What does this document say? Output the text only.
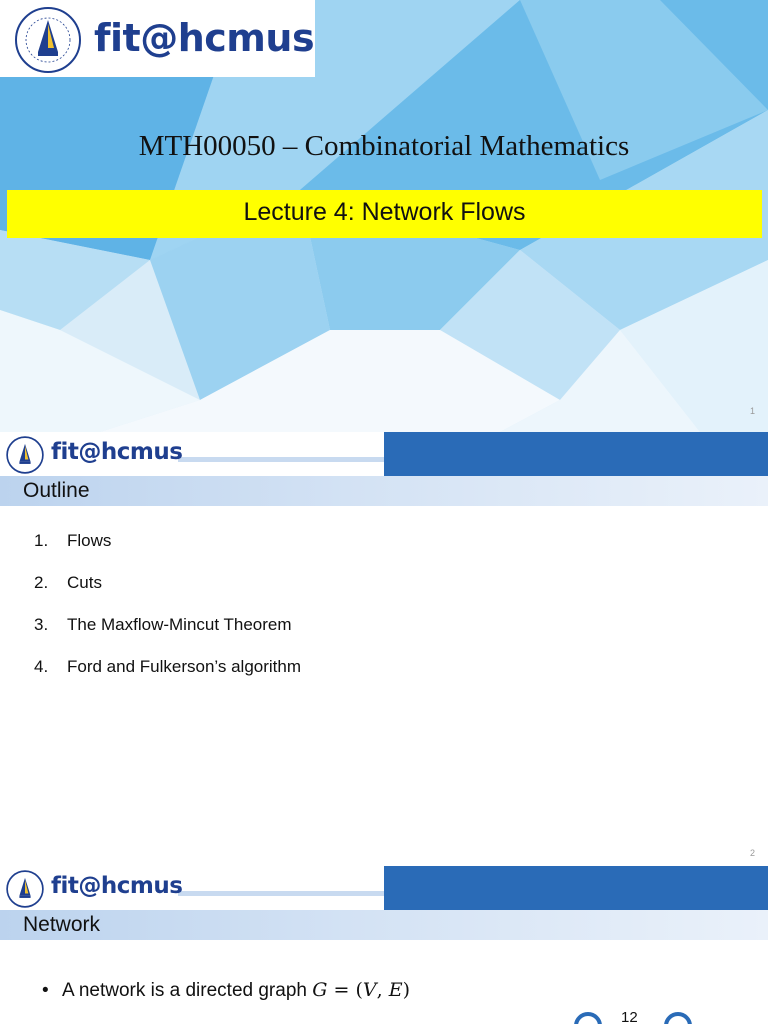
fit@hcmus
MTH00050 – Combinatorial Mathematics
Lecture 4: Network Flows
1
fit@hcmus
Outline
1.	Flows
2.	Cuts
3.	The Maxflow-Mincut Theorem
4.	Ford and Fulkerson’s algorithm
2
fit@hcmus
Network
• A network is a directed graph G = (V, E)
12
